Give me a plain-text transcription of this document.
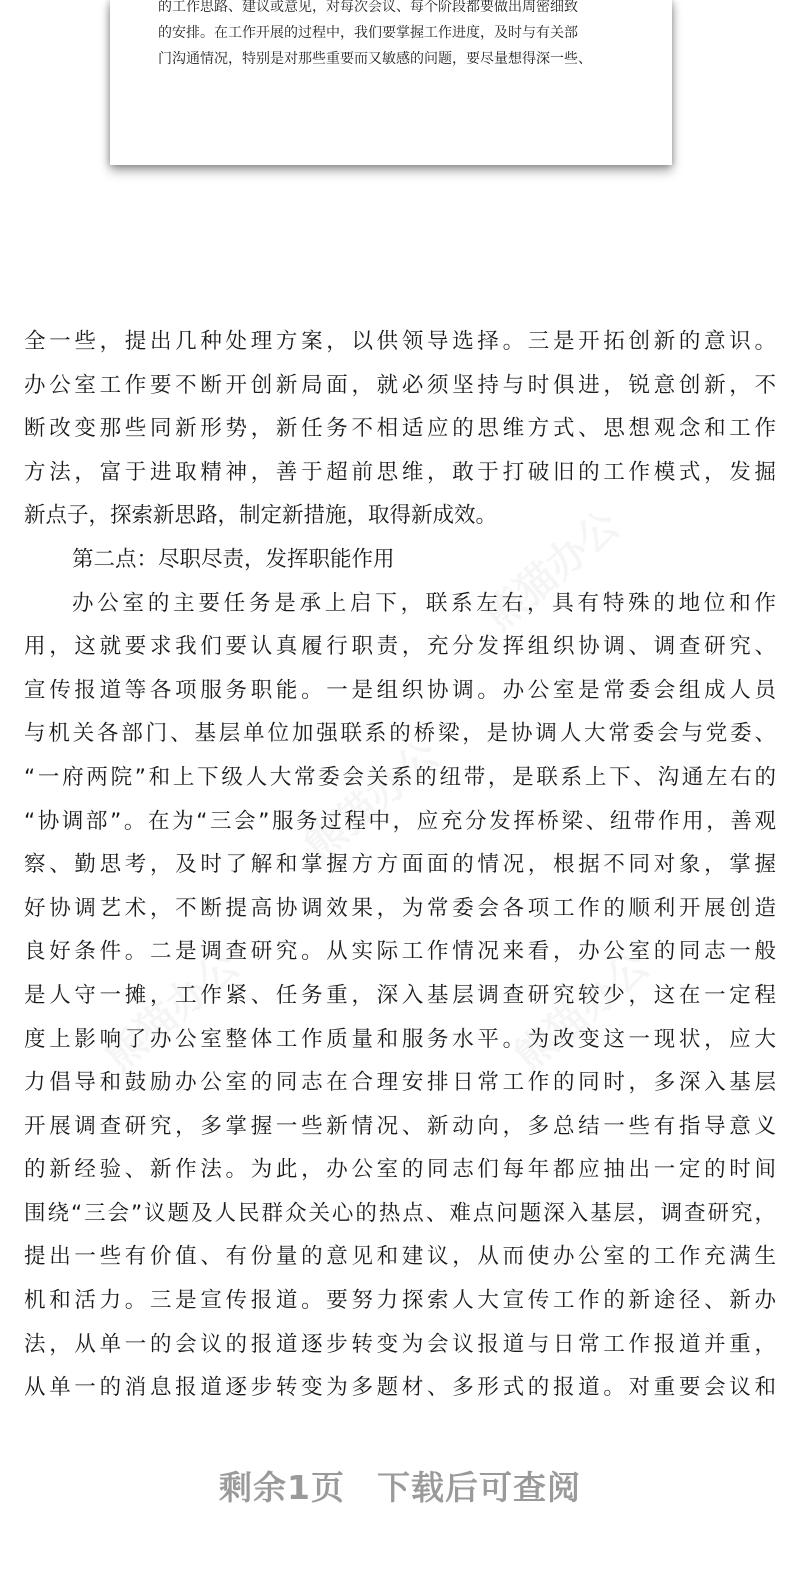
的工作思路、建议或意见，对每次会议、每个阶段都要做出周密细致
的安排。在工作开展的过程中，我们要掌握工作进度，及时与有关部
门沟通情况，特别是对那些重要而又敏感的问题，要尽量想得深一些、
熊猫办公
熊猫办公
熊猫办公	熊猫办公
全一些，提出几种处理方案，以供领导选择。三是开拓创新的意识。
办公室工作要不断开创新局面，就必须坚持与时俱进，锐意创新，不
断改变那些同新形势，新任务不相适应的思维方式、思想观念和工作
方法，富于进取精神，善于超前思维，敢于打破旧的工作模式，发掘
新点子，探索新思路，制定新措施，取得新成效。
第二点：尽职尽责，发挥职能作用
办公室的主要任务是承上启下，联系左右，具有特殊的地位和作
用，这就要求我们要认真履行职责，充分发挥组织协调、调查研究、
宣传报道等各项服务职能。一是组织协调。办公室是常委会组成人员
与机关各部门、基层单位加强联系的桥梁，是协调人大常委会与党委、
“一府两院”和上下级人大常委会关系的纽带，是联系上下、沟通左右的
“协调部”。在为“三会”服务过程中，应充分发挥桥梁、纽带作用，善观
察、勤思考，及时了解和掌握方方面面的情况，根据不同对象，掌握
好协调艺术，不断提高协调效果，为常委会各项工作的顺利开展创造
良好条件。二是调查研究。从实际工作情况来看，办公室的同志一般
是人守一摊，工作紧、任务重，深入基层调查研究较少，这在一定程
度上影响了办公室整体工作质量和服务水平。为改变这一现状，应大
力倡导和鼓励办公室的同志在合理安排日常工作的同时，多深入基层
开展调查研究，多掌握一些新情况、新动向，多总结一些有指导意义
的新经验、新作法。为此，办公室的同志们每年都应抽出一定的时间
围绕“三会”议题及人民群众关心的热点、难点问题深入基层，调查研究，
提出一些有价值、有份量的意见和建议，从而使办公室的工作充满生
机和活力。三是宣传报道。要努力探索人大宣传工作的新途径、新办
法，从单一的会议的报道逐步转变为会议报道与日常工作报道并重，
从单一的消息报道逐步转变为多题材、多形式的报道。对重要会议和
剩余1页 下载后可查阅
